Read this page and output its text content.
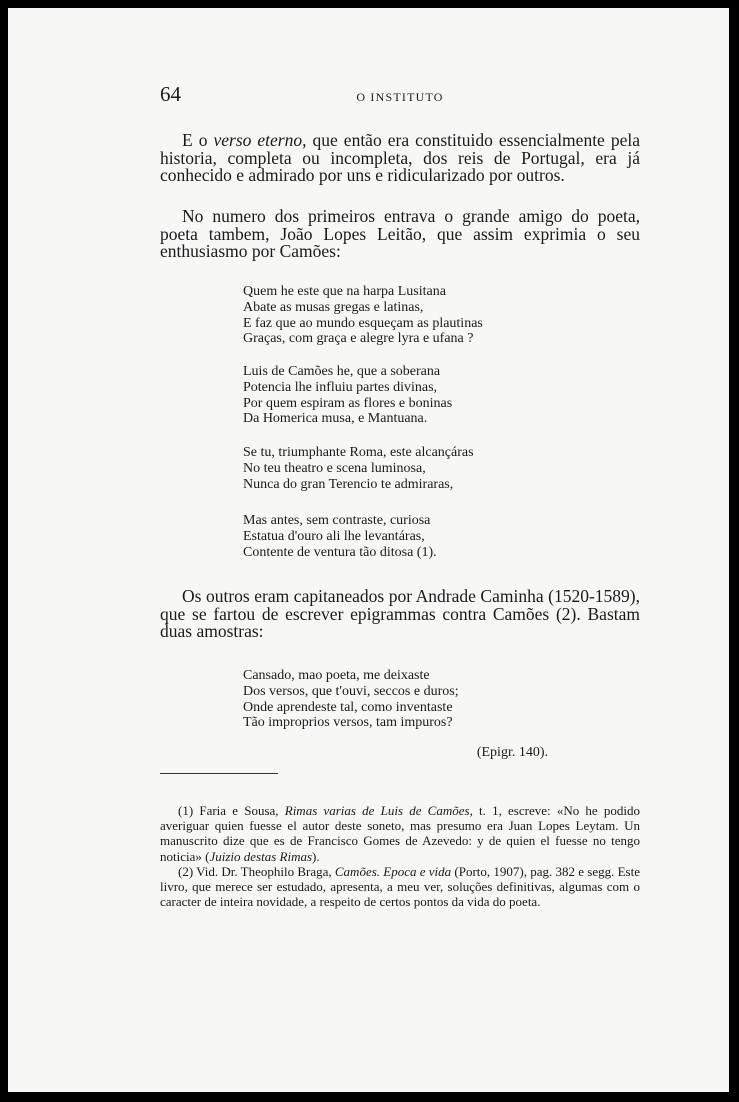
64	O INSTITUTO

E o verso eterno, que então era constituido essencialmente pela historia, completa ou incompleta, dos reis de Portugal, era já conhecido e admirado por uns e ridicularizado por outros.

No numero dos primeiros entrava o grande amigo do poeta, poeta tambem, João Lopes Leitão, que assim exprimia o seu enthusiasmo por Camões:

Quem he este que na harpa Lusitana
Abate as musas gregas e latinas,
E faz que ao mundo esqueçam as plautinas
Graças, com graça e alegre lyra e ufana ?
Luis de Camões he, que a soberana
Potencia lhe influiu partes divinas,
Por quem espiram as flores e boninas
Da Homerica musa, e Mantuana.
Se tu, triumphante Roma, este alcançáras
No teu theatro e scena luminosa,
Nunca do gran Terencio te admiraras,
Mas antes, sem contraste, curiosa
Estatua d'ouro ali lhe levantáras,
Contente de ventura tão ditosa (1).

Os outros eram capitaneados por Andrade Caminha (1520-1589), que se fartou de escrever epigrammas contra Camões (2). Bastam duas amostras:

Cansado, mao poeta, me deixaste
Dos versos, que t'ouvi, seccos e duros;
Onde aprendeste tal, como inventaste
Tão improprios versos, tam impuros?
(Epigr. 140).

(1) Faria e Sousa, Rimas varias de Luis de Camões, t. 1, escreve: «No he podido averiguar quien fuesse el autor deste soneto, mas presumo era Juan Lopes Leytam. Un manuscrito dize que es de Francisco Gomes de Azevedo: y de quien el fuesse no tengo noticia» (Juizio destas Rimas).

(2) Vid. Dr. Theophilo Braga, Camões. Epoca e vida (Porto, 1907), pag. 382 e segg. Este livro, que merece ser estudado, apresenta, a meu ver, soluções definitivas, algumas com o caracter de inteira novidade, a respeito de certos pontos da vida do poeta.
